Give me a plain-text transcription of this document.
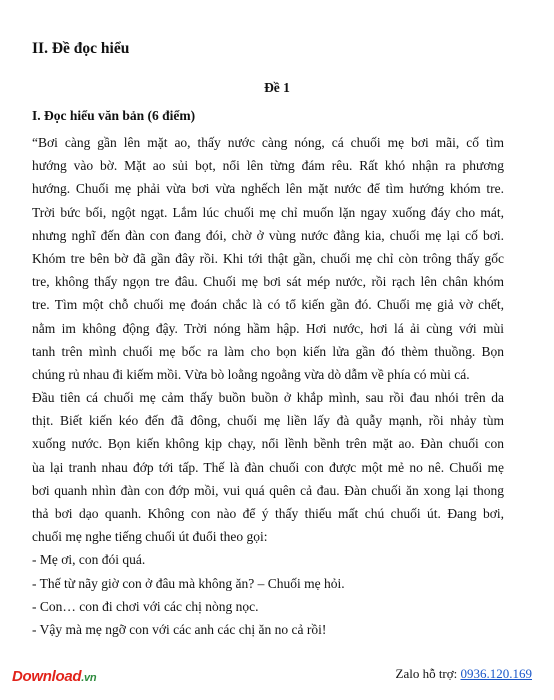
II. Đề đọc hiểu
Đề 1
I. Đọc hiểu văn bản (6 điểm)
“Bơi càng gần lên mặt ao, thấy nước càng nóng, cá chuối mẹ bơi mãi, cố tìm
hướng vào bờ. Mặt ao sủi bọt, nổi lên từng đám rêu. Rất khó nhận ra phương
hướng. Chuối mẹ phải vừa bơi vừa nghếch lên mặt nước để tìm hướng khóm tre.
Trời bức bối, ngột ngạt. Lắm lúc chuối mẹ chỉ muốn lặn ngay xuống đáy cho mát,
nhưng nghĩ đến đàn con đang đói, chờ ở vùng nước đằng kia, chuối mẹ lại cố bơi.
Khóm tre bên bờ đã gần đây rồi. Khi tới thật gần, chuối mẹ chỉ còn trông thấy gốc
tre, không thấy ngọn tre đâu. Chuối mẹ bơi sát mép nước, rồi rạch lên chân khóm
tre. Tìm một chỗ chuối mẹ đoán chắc là có tổ kiến gần đó. Chuối mẹ giả vờ chết,
nằm im không động đậy. Trời nóng hầm hập. Hơi nước, hơi lá ải cùng với mùi
tanh trên mình chuối mẹ bốc ra làm cho bọn kiến lửa gần đó thèm thuồng. Bọn
chúng rủ nhau đi kiếm mồi. Vừa bò loằng ngoằng vừa dò dẫm về phía có mùi cá.
Đầu tiên cá chuối mẹ cảm thấy buồn buồn ở khắp mình, sau rồi đau nhói trên da
thịt. Biết kiến kéo đến đã đông, chuối mẹ liền lấy đà quẫy mạnh, rồi nhảy tùm
xuống nước. Bọn kiến không kịp chạy, nổi lềnh bềnh trên mặt ao. Đàn chuối con
ùa lại tranh nhau đớp tới tấp. Thế là đàn chuối con được một mẻ no nê. Chuối mẹ
bơi quanh nhìn đàn con đớp mồi, vui quá quên cả đau. Đàn chuối ăn xong lại thong
thả bơi dạo quanh. Không con nào để ý thấy thiếu mất chú chuối út. Đang bơi,
chuối mẹ nghe tiếng chuối út đuổi theo gọi:
- Mẹ ơi, con đói quá.
- Thế từ nãy giờ con ở đâu mà không ăn? – Chuối mẹ hỏi.
- Con… con đi chơi với các chị nòng nọc.
- Vậy mà mẹ ngỡ con với các anh các chị ăn no cả rồi!
Download.vn	Zalo hỗ trợ: 0936.120.169
